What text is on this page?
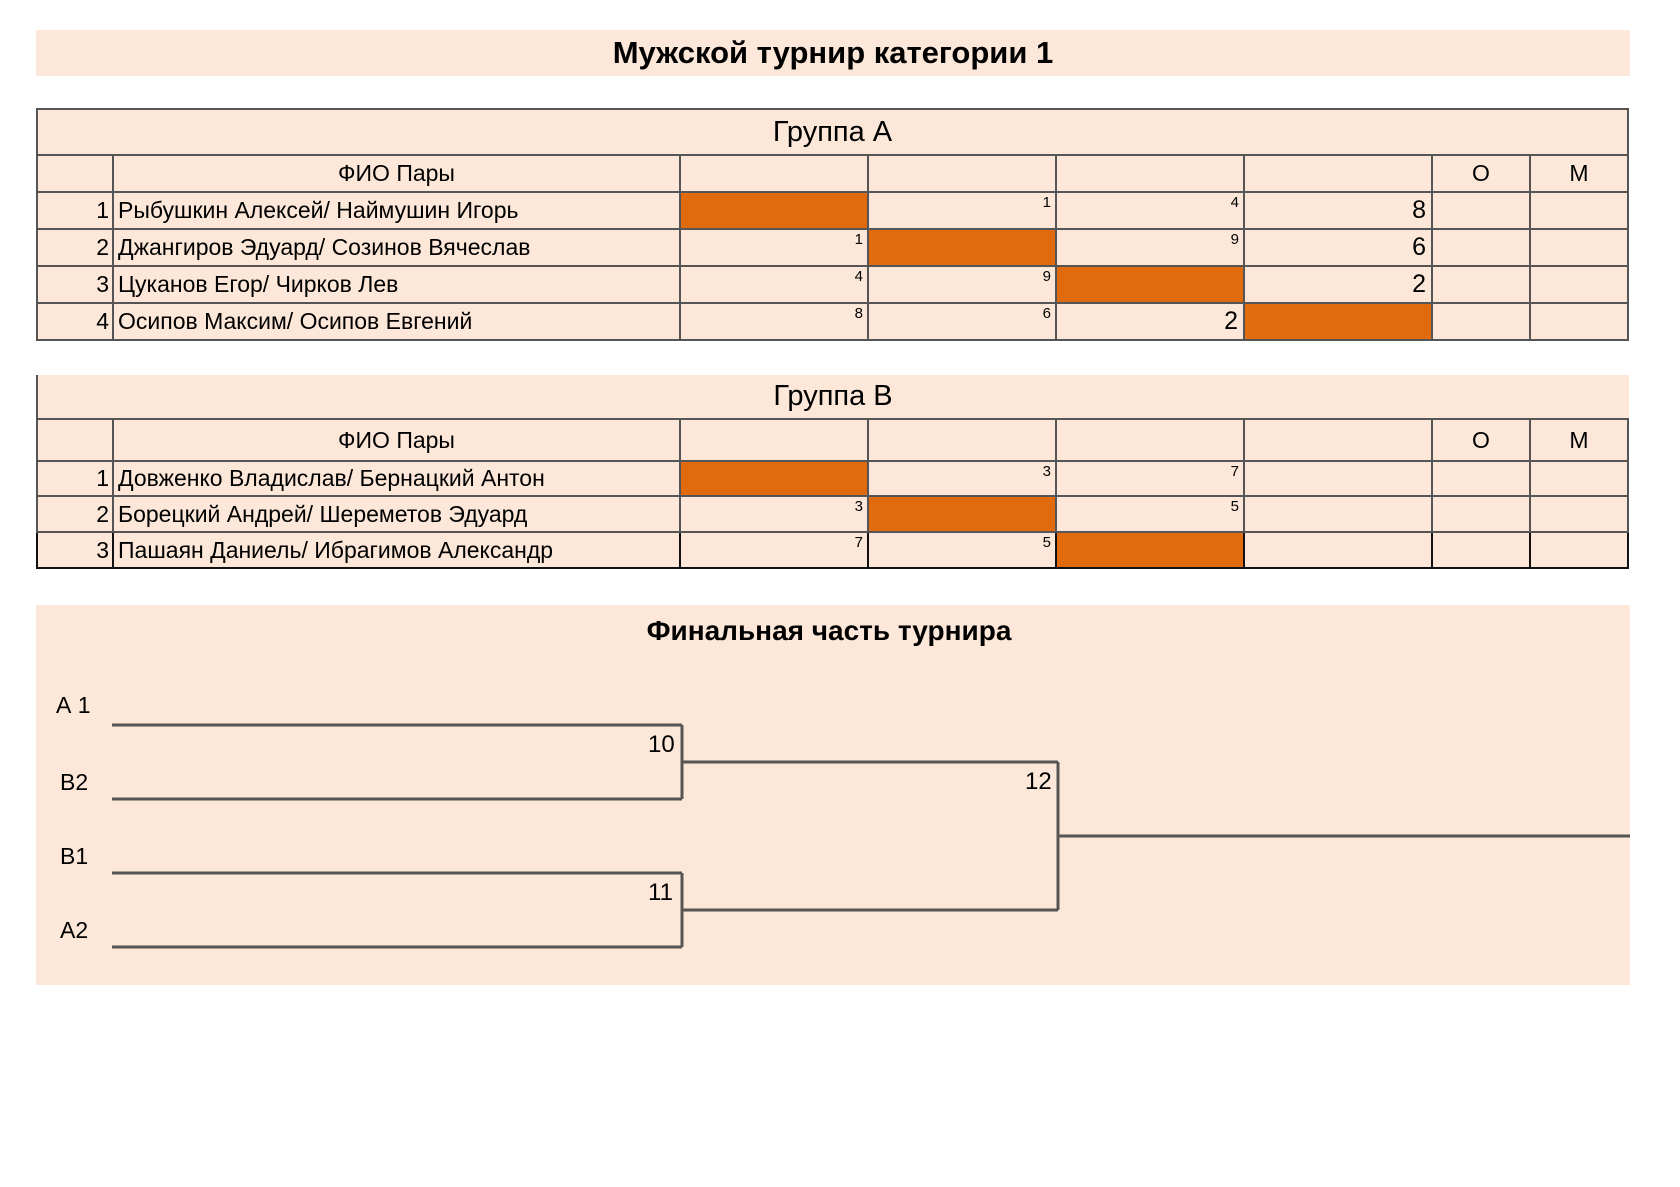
Мужской турнир категории 1
Группа А							
	ФИО Пары					О	М
1	Рыбушкин Алексей/ Наймушин Игорь		1	4	8		

2	Джангиров Эдуард/ Созинов Вячеслав	1		9	6		

3	Цуканов Егор/ Чирков Лев	4	9		2		

4	Осипов Максим/ Осипов Евгений	8	6	2			

Группа В							
	ФИО Пары					О	М
1	Довженко Владислав/ Бернацкий Антон		3	7			

2	Борецкий Андрей/ Шереметов Эдуард	3		5			

3	Пашаян Даниель/ Ибрагимов Александр	7	5				

Финальная часть турнира
А 1
В2
В1
А2
10
11
12
